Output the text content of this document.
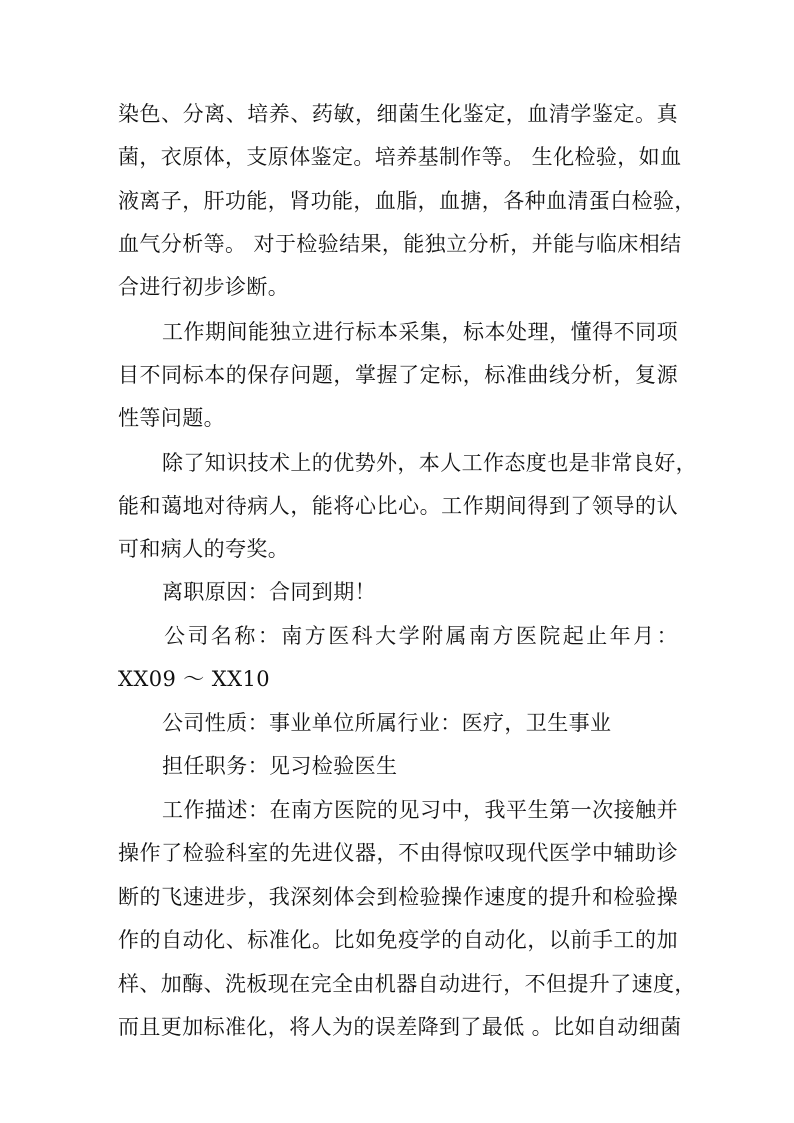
染色、分离、培养、药敏，细菌生化鉴定，血清学鉴定。真
菌，衣原体，支原体鉴定。培养基制作等。 生化检验，如血
液离子，肝功能，肾功能，血脂，血搪，各种血清蛋白检验，
血气分析等。 对于检验结果，能独立分析，并能与临床相结
合进行初步诊断。
工作期间能独立进行标本采集，标本处理，懂得不同项
目不同标本的保存问题，掌握了定标，标准曲线分析，复源
性等问题。
除了知识技术上的优势外，本人工作态度也是非常良好，
能和蔼地对待病人，能将心比心。工作期间得到了领导的认
可和病人的夸奖。
离职原因：合同到期！
公司名称：南方医科大学附属南方医院起止年月：
XX09 ～ XX10
公司性质：事业单位所属行业：医疗，卫生事业
担任职务：见习检验医生
工作描述：在南方医院的见习中，我平生第一次接触并
操作了检验科室的先进仪器，不由得惊叹现代医学中辅助诊
断的飞速进步，我深刻体会到检验操作速度的提升和检验操
作的自动化、标准化。比如免疫学的自动化，以前手工的加
样、加酶、洗板现在完全由机器自动进行，不但提升了速度，
而且更加标准化，将人为的误差降到了最低 。比如自动细菌
